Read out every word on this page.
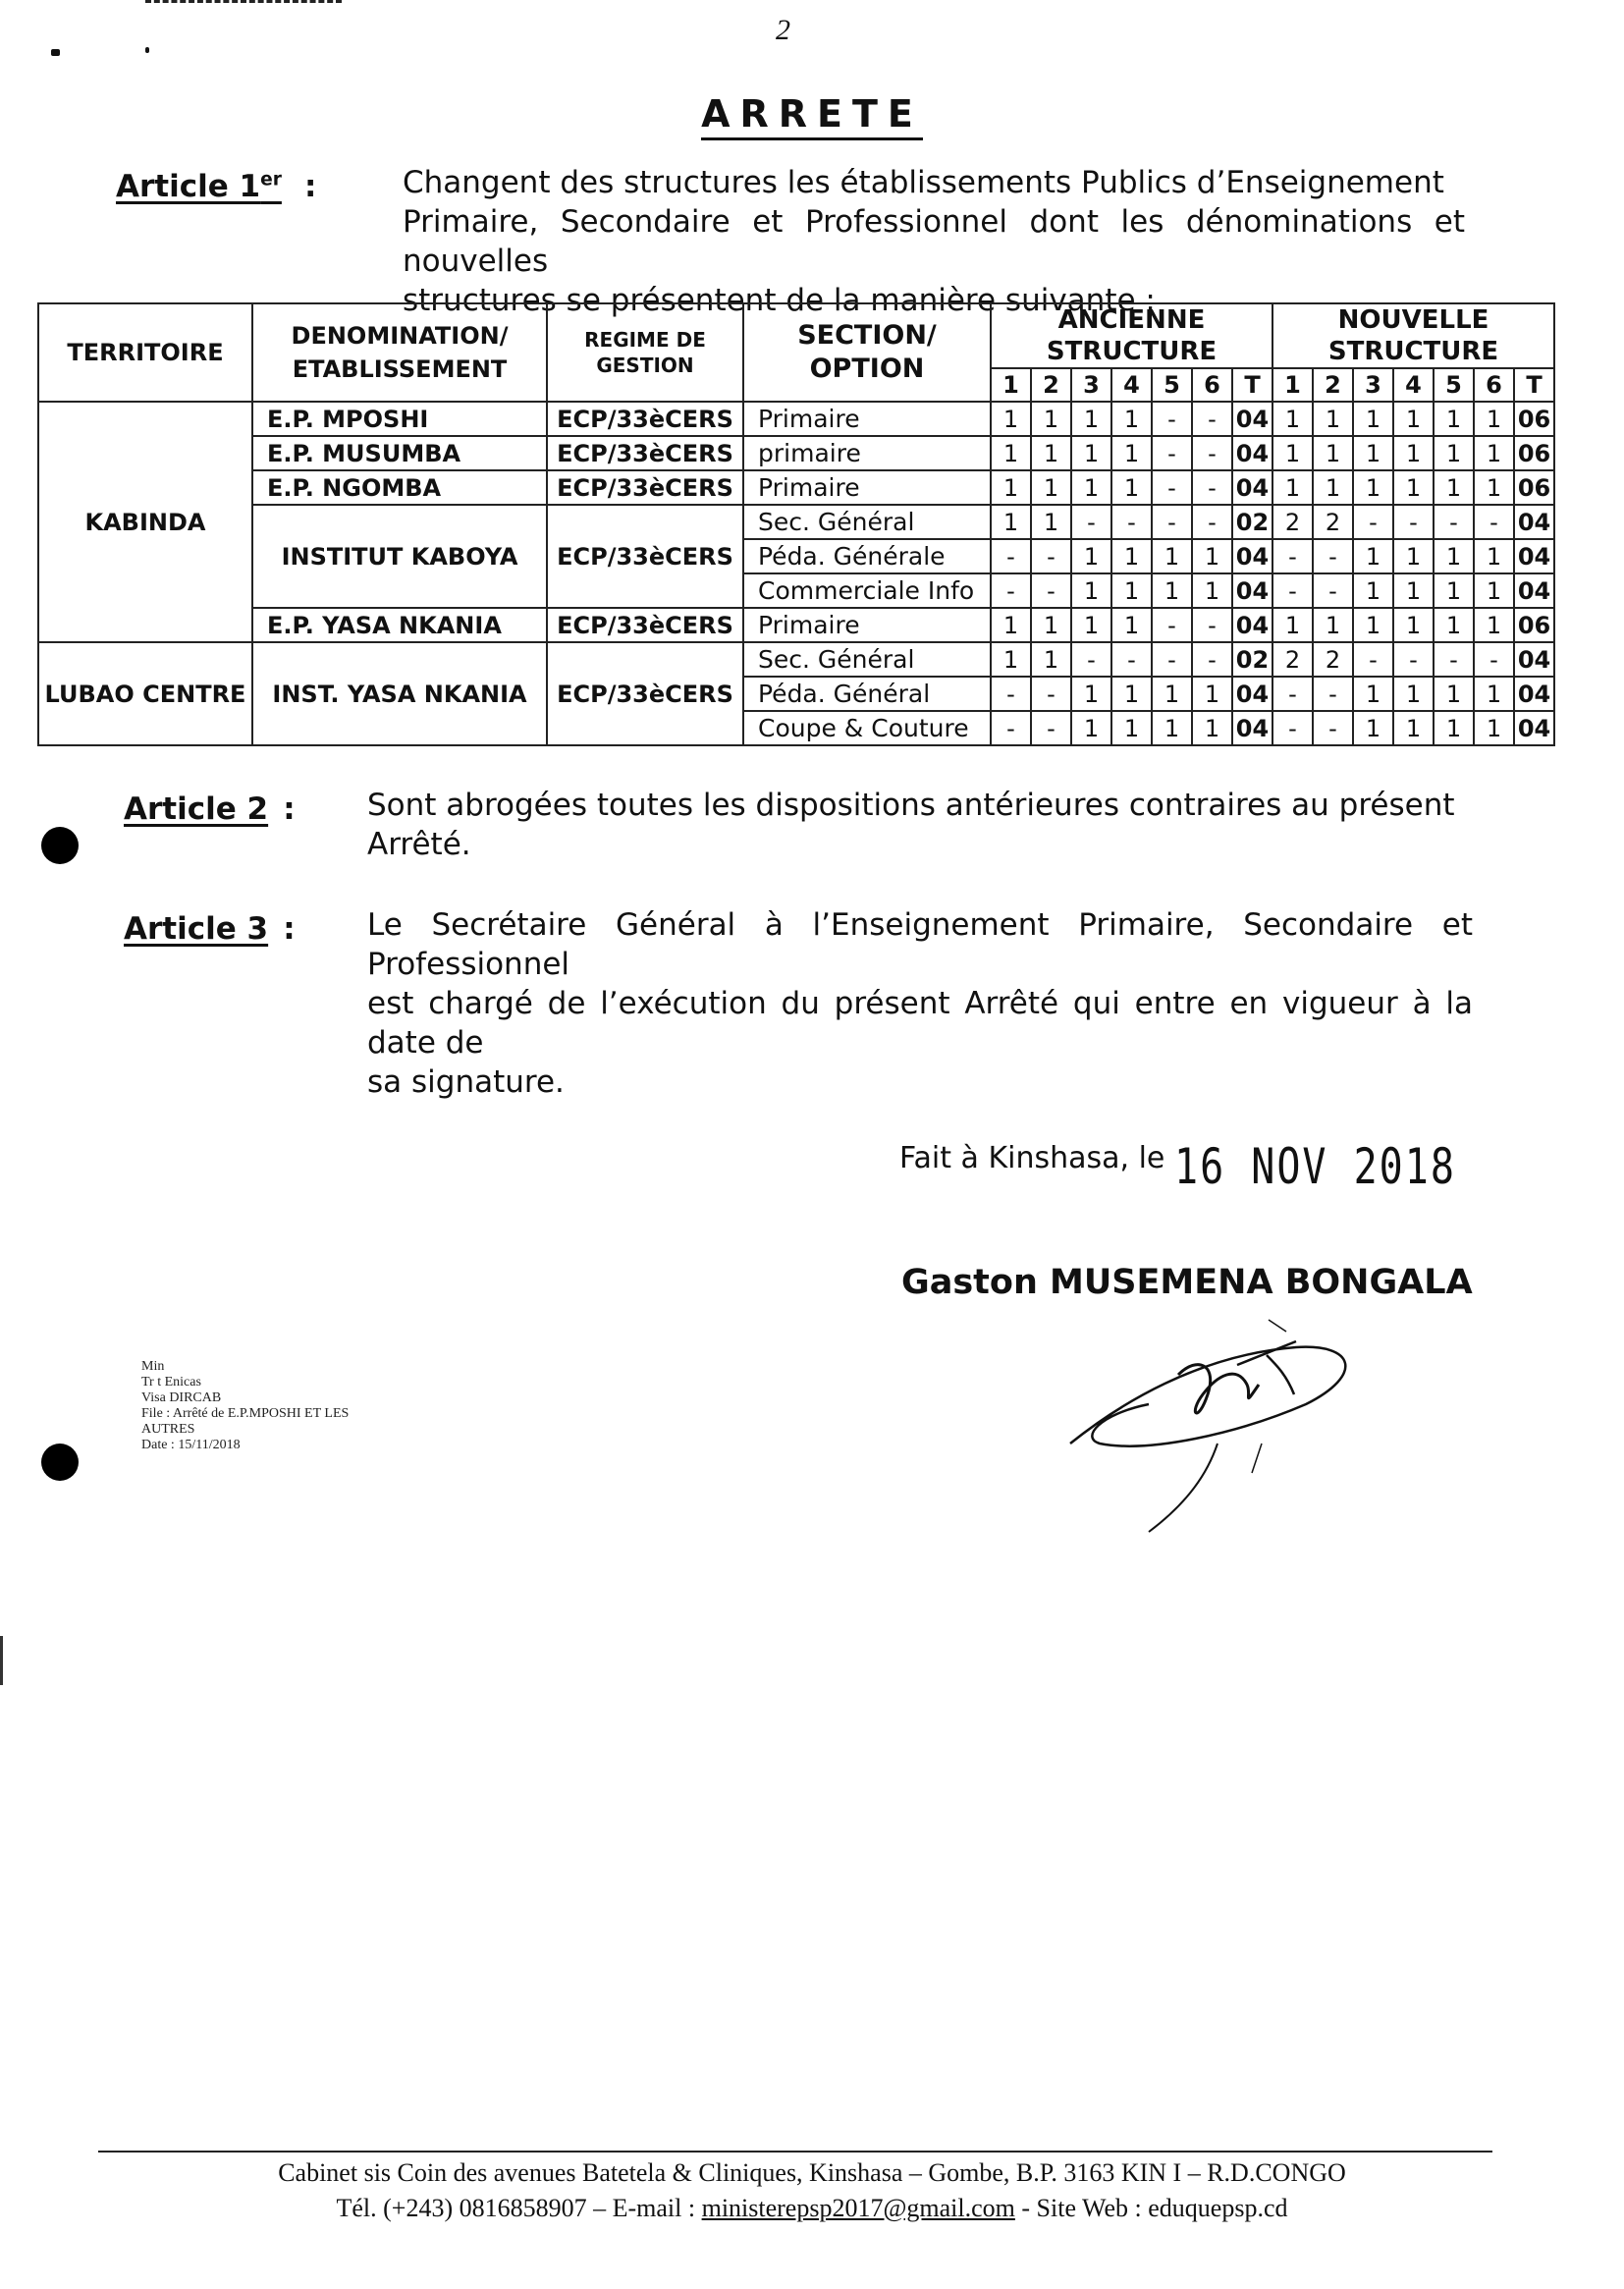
2
ARRETE
Article 1er :	Changent des structures les établissements Publics d’Enseignement
Primaire, Secondaire et Professionnel dont les dénominations et nouvelles
structures se présentent de la manière suivante :
TERRITOIRE	DENOMINATION/ ETABLISSEMENT	REGIME DE GESTION	SECTION/ OPTION	ANCIENNE STRUCTURE							NOUVELLE STRUCTURE						
				1	2	3	4	5	6	T	1	2	3	4	5	6	T
KABINDA	E.P. MPOSHI	ECP/33èCERS	Primaire	1	1	1	1	-	-	04	1	1	1	1	1	1	06
	E.P. MUSUMBA	ECP/33èCERS	primaire	1	1	1	1	-	-	04	1	1	1	1	1	1	06
	E.P. NGOMBA	ECP/33èCERS	Primaire	1	1	1	1	-	-	04	1	1	1	1	1	1	06
	INSTITUT KABOYA	ECP/33èCERS	Sec. Général	1	1	-	-	-	-	02	2	2	-	-	-	-	04
			Péda. Générale	-	-	1	1	1	1	04	-	-	1	1	1	1	04
			Commerciale Info	-	-	1	1	1	1	04	-	-	1	1	1	1	04
	E.P. YASA NKANIA	ECP/33èCERS	Primaire	1	1	1	1	-	-	04	1	1	1	1	1	1	06
LUBAO CENTRE	INST. YASA NKANIA	ECP/33èCERS	Sec. Général	1	1	-	-	-	-	02	2	2	-	-	-	-	04
			Péda. Général	-	-	1	1	1	1	04	-	-	1	1	1	1	04
			Coupe & Couture	-	-	1	1	1	1	04	-	-	1	1	1	1	04
Article 2 : Sont abrogées toutes les dispositions antérieures contraires au présent
Arrêté.
Article 3 : Le Secrétaire Général à l’Enseignement Primaire, Secondaire et Professionnel
est chargé de l’exécution du présent Arrêté qui entre en vigueur à la date de
sa signature.
Fait à Kinshasa, le 16 NOV 2018
Gaston MUSEMENA BONGALA
Min
Tr t Enicas
Visa DIRCAB
File : Arrêté de E.P.MPOSHI ET LES
AUTRES
Date : 15/11/2018
Cabinet sis Coin des avenues Batetela & Cliniques, Kinshasa – Gombe, B.P. 3163 KIN I – R.D.CONGO
Tél. (+243) 0816858907 – E-mail : ministerepsp2017@gmail.com - Site Web : eduquepsp.cd
